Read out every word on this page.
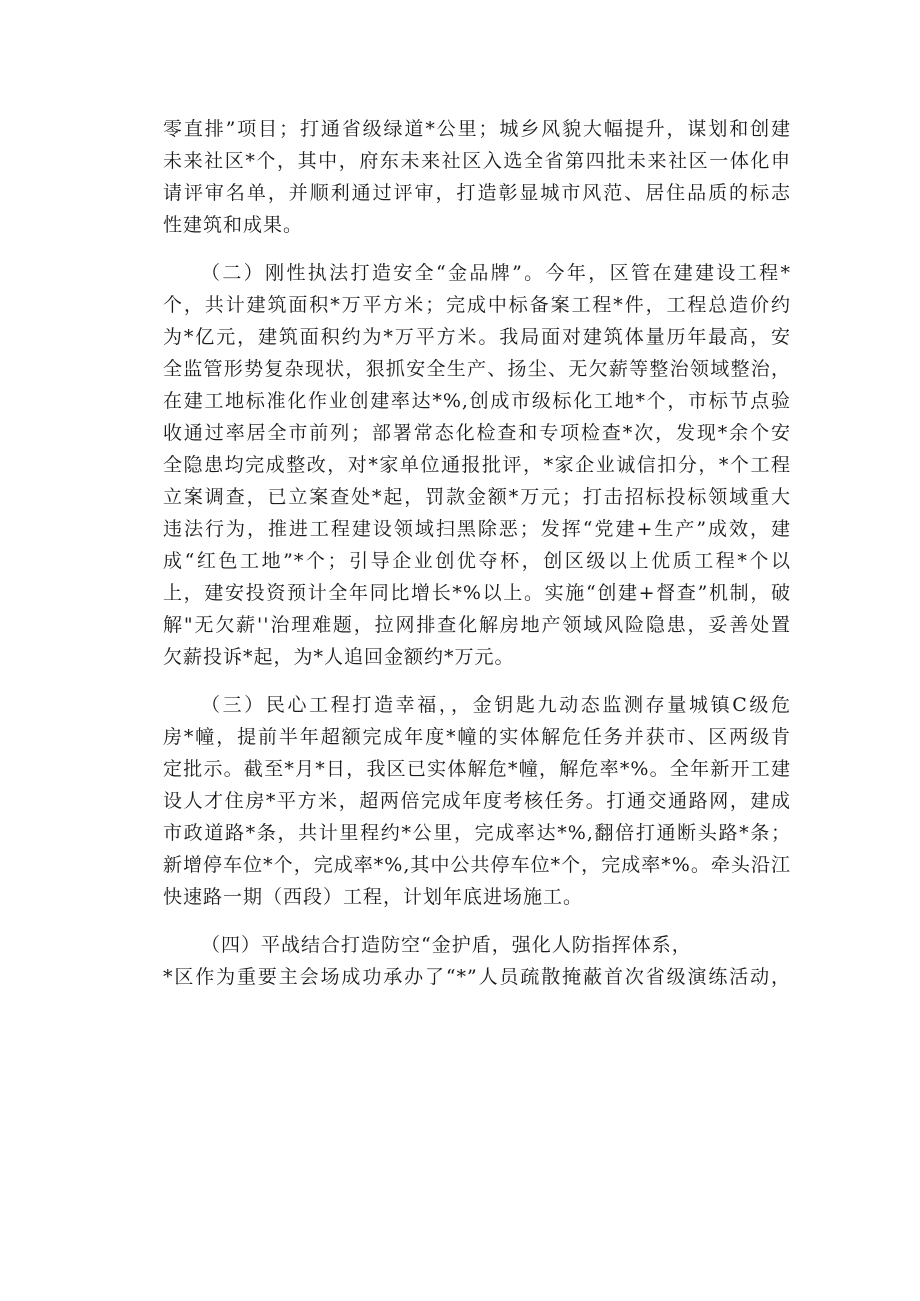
零直排”项目；打通省级绿道*公里；城乡风貌大幅提升，谋划和创建
未来社区*个，其中，府东未来社区入选全省第四批未来社区一体化申
请评审名单，并顺利通过评审，打造彰显城市风范、居住品质的标志
性建筑和成果。
（二）刚性执法打造安全“金品牌”。今年，区管在建建设工程*
个，共计建筑面积*万平方米；完成中标备案工程*件，工程总造价约
为*亿元，建筑面积约为*万平方米。我局面对建筑体量历年最高，安
全监管形势复杂现状，狠抓安全生产、扬尘、无欠薪等整治领域整治，
在建工地标准化作业创建率达*%,创成市级标化工地*个，市标节点验
收通过率居全市前列；部署常态化检查和专项检查*次，发现*余个安
全隐患均完成整改，对*家单位通报批评，*家企业诚信扣分，*个工程
立案调查，已立案查处*起，罚款金额*万元；打击招标投标领域重大
违法行为，推进工程建设领域扫黑除恶；发挥“党建+生产”成效，建
成“红色工地”*个；引导企业创优夺杯，创区级以上优质工程*个以
上，建安投资预计全年同比增长*%以上。实施“创建+督查”机制，破
解"无欠薪''治理难题，拉网排查化解房地产领域风险隐患，妥善处置
欠薪投诉*起，为*人追回金额约*万元。
（三）民心工程打造幸福，，金钥匙九动态监测存量城镇C级危
房*幢，提前半年超额完成年度*幢的实体解危任务并获市、区两级肯
定批示。截至*月*日，我区已实体解危*幢，解危率*%。全年新开工建
设人才住房*平方米，超两倍完成年度考核任务。打通交通路网，建成
市政道路*条，共计里程约*公里，完成率达*%,翻倍打通断头路*条；
新增停车位*个，完成率*%,其中公共停车位*个，完成率*%。牵头沿江
快速路一期（西段）工程，计划年底进场施工。
（四）平战结合打造防空“金护盾，强化人防指挥体系，
*区作为重要主会场成功承办了“*”人员疏散掩蔽首次省级演练活动，
